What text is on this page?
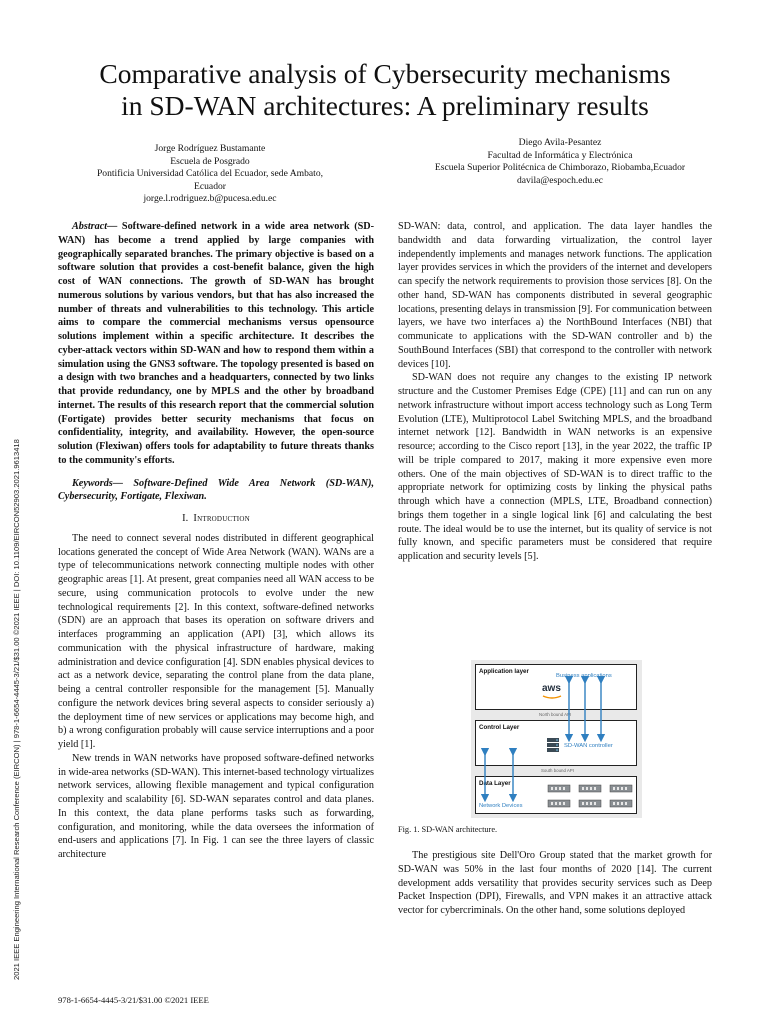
2021 IEEE Engineering International Research Conference (EIRCON) | 978-1-6654-4445-3/21/$31.00 ©2021 IEEE | DOI: 10.1109/EIRCON52903.2021.9613418
Comparative analysis of Cybersecurity mechanisms
in SD-WAN architectures: A preliminary results
Jorge Rodríguez Bustamante
Escuela de Posgrado
Pontificia Universidad Católica del Ecuador, sede Ambato,
Ecuador
jorge.l.rodriguez.b@pucesa.edu.ec
Diego Avila-Pesantez
Facultad de Informática y Electrónica
Escuela Superior Politécnica de Chimborazo, Riobamba,Ecuador
davila@espoch.edu.ec

Abstract— Software-defined network in a wide area network (SD-WAN) has become a trend applied by large companies with geographically separated branches. The primary objective is based on a software solution that provides a cost-benefit balance, given the high cost of WAN connections. The growth of SD-WAN has brought numerous solutions by various vendors, but that has also increased the number of threats and vulnerabilities to this technology. This article aims to compare the commercial mechanisms versus opensource solutions implement within a specific architecture. It describes the cyber-attack vectors within SD-WAN and how to respond them within a simulation using the GNS3 software. The topology presented is based on a design with two branches and a headquarters, connected by two links that provide redundancy, one by MPLS and the other by broadband internet. The results of this research report that the commercial solution (Fortigate) provides better security mechanisms that focus on confidentiality, integrity, and availability. However, the open-source solution (Flexiwan) offers tools for adaptability to future threats thanks to the community's efforts.

Keywords— Software-Defined Wide Area Network (SD-WAN), Cybersecurity, Fortigate, Flexiwan.

I. Introduction

The need to connect several nodes distributed in different geographical locations generated the concept of Wide Area Network (WAN). WANs are a type of telecommunications network connecting multiple nodes with other geographic areas [1]. At present, great companies need all WAN access to be secure, using communication protocols to evolve under the new technological requirements [2]. In this context, software-defined networks (SDN) are an approach that bases its operation on software drivers and interfaces programming an application (API) [3], which allows its communication with the physical infrastructure of hardware, making administration and device configuration [4]. SDN enables physical devices to act as a network device, separating the control plane from the data plane, being a central controller responsible for the management [5]. Manually configure the network devices bring several aspects to consider seriously a) the deployment time of new services or applications may become high, and b) a wrong configuration probably will cause service interruptions and a poor yield [1].

New trends in WAN networks have proposed software-defined networks in wide-area networks (SD-WAN). This internet-based technology virtualizes network services, allowing flexible management and typical configuration complexity and scalability [6]. SD-WAN separates control and data planes. In this context, the data plane performs tasks such as forwarding, configuration, and monitoring, while the data oversees the information of end-users and applications [7]. In Fig. 1 can see the three layers of classic architecture

SD-WAN: data, control, and application. The data layer handles the bandwidth and data forwarding virtualization, the control layer independently implements and manages network functions. The application layer provides services in which the providers of the internet and developers can specify the network requirements to provision those services [8]. On the other hand, SD-WAN has components distributed in several geographic locations, presenting delays in transmission [9]. For communication between layers, we have two interfaces a) the NorthBound Interfaces (NBI) that communicate to applications with the SD-WAN controller and b) the SouthBound Interfaces (SBI) that correspond to the controller with network devices [10].

SD-WAN does not require any changes to the existing IP network structure and the Customer Premises Edge (CPE) [11] and can run on any network infrastructure without import access technology such as Long Term Evolution (LTE), Multiprotocol Label Switching MPLS, and the broadband internet network [12]. Bandwidth in WAN networks is an expensive resource; according to the Cisco report [13], in the year 2022, the traffic IP will be triple compared to 2017, making it more expensive even more others. One of the main objectives of SD-WAN is to direct traffic to the appropriate network for optimizing costs by linking the physical paths through which have a connection (MPLS, LTE, Broadband connection) brings them together in a single logical link [6] and calculating the best route. The ideal would be to use the internet, but its quality of service is not fully known, and specific parameters must be considered that require application and security levels [5].

Application layer
Business applications
aws
North bound API
Control Layer
SD-WAN controller
South bound API
Data Layer
Network Devices
Fig. 1. SD-WAN architecture.

The prestigious site Dell'Oro Group stated that the market growth for SD-WAN was 50% in the last four months of 2020 [14]. The current development adds versatility that provides security services such as Deep Packet Inspection (DPI), Firewalls, and VPN makes it an attractive attack vector for cybercriminals. On the other hand, some solutions deployed

978-1-6654-4445-3/21/$31.00 ©2021 IEEE
